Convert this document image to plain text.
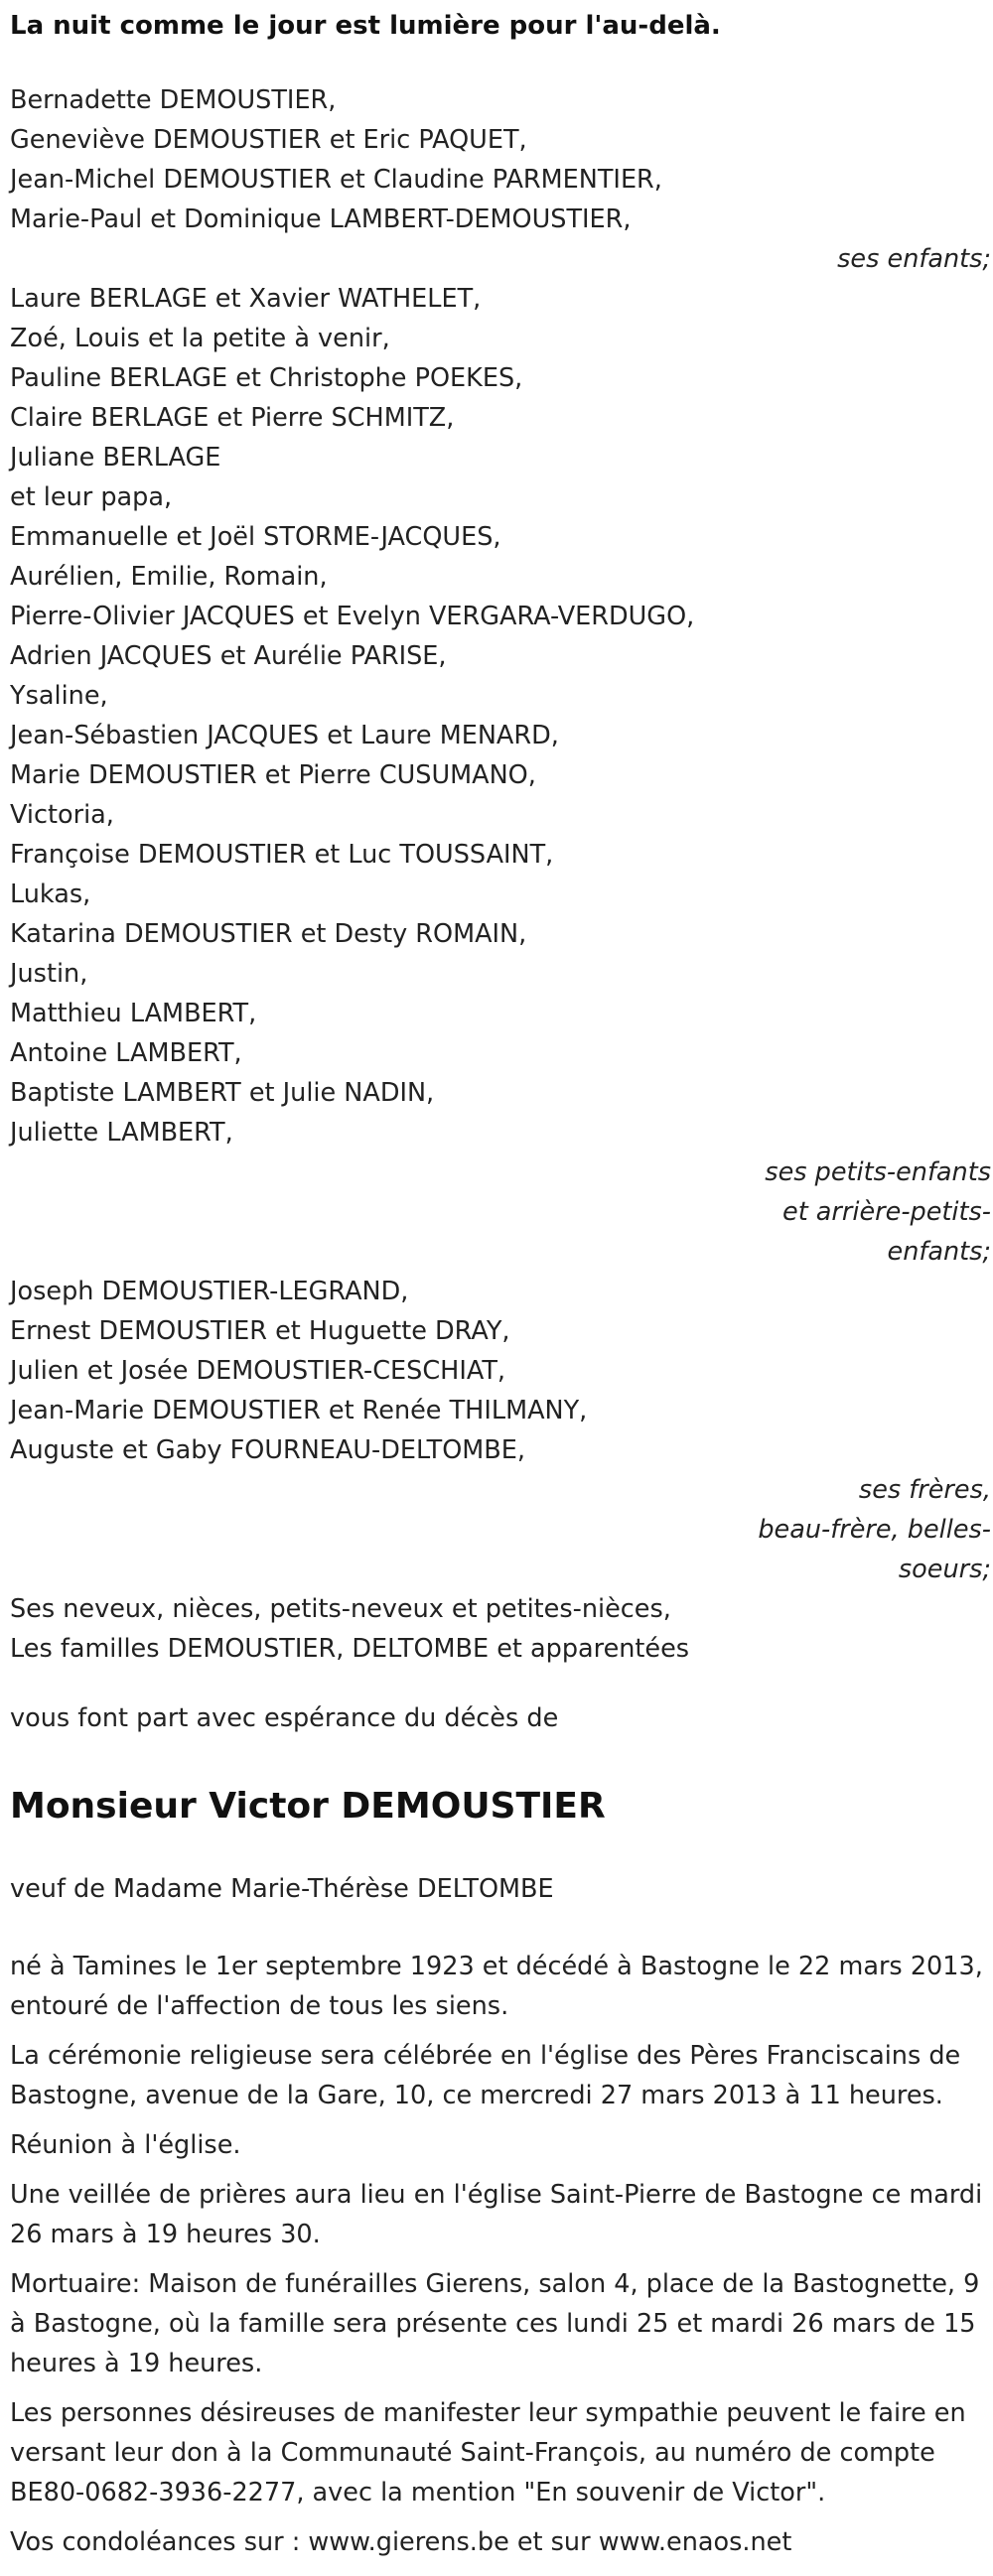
La nuit comme le jour est lumière pour l'au-delà.
Bernadette DEMOUSTIER,
Geneviève DEMOUSTIER et Eric PAQUET,
Jean-Michel DEMOUSTIER et Claudine PARMENTIER,
Marie-Paul et Dominique LAMBERT-DEMOUSTIER,
ses enfants;
Laure BERLAGE et Xavier WATHELET,
Zoé, Louis et la petite à venir,
Pauline BERLAGE et Christophe POEKES,
Claire BERLAGE et Pierre SCHMITZ,
Juliane BERLAGE
et leur papa,
Emmanuelle et Joël STORME-JACQUES,
Aurélien, Emilie, Romain,
Pierre-Olivier JACQUES et Evelyn VERGARA-VERDUGO,
Adrien JACQUES et Aurélie PARISE,
Ysaline,
Jean-Sébastien JACQUES et Laure MENARD,
Marie DEMOUSTIER et Pierre CUSUMANO,
Victoria,
Françoise DEMOUSTIER et Luc TOUSSAINT,
Lukas,
Katarina DEMOUSTIER et Desty ROMAIN,
Justin,
Matthieu LAMBERT,
Antoine LAMBERT,
Baptiste LAMBERT et Julie NADIN,
Juliette LAMBERT,
ses petits-enfants
et arrière-petits-
enfants;
Joseph DEMOUSTIER-LEGRAND,
Ernest DEMOUSTIER et Huguette DRAY,
Julien et Josée DEMOUSTIER-CESCHIAT,
Jean-Marie DEMOUSTIER et Renée THILMANY,
Auguste et Gaby FOURNEAU-DELTOMBE,
ses frères,
beau-frère, belles-
soeurs;
Ses neveux, nièces, petits-neveux et petites-nièces,
Les familles DEMOUSTIER, DELTOMBE et apparentées
vous font part avec espérance du décès de
Monsieur Victor DEMOUSTIER
veuf de Madame Marie-Thérèse DELTOMBE

né à Tamines le 1er septembre 1923 et décédé à Bastogne le 22 mars 2013, entouré de l'affection de tous les siens.

La cérémonie religieuse sera célébrée en l'église des Pères Franciscains de Bastogne, avenue de la Gare, 10, ce mercredi 27 mars 2013 à 11 heures.

Réunion à l'église.

Une veillée de prières aura lieu en l'église Saint-Pierre de Bastogne ce mardi 26 mars à 19 heures 30.

Mortuaire: Maison de funérailles Gierens, salon 4, place de la Bastognette, 9 à Bastogne, où la famille sera présente ces lundi 25 et mardi 26 mars de 15 heures à 19 heures.

Les personnes désireuses de manifester leur sympathie peuvent le faire en versant leur don à la Communauté Saint-François, au numéro de compte BE80-0682-3936-2277, avec la mention "En souvenir de Victor".

Vos condoléances sur : www.gierens.be et sur www.enaos.net
